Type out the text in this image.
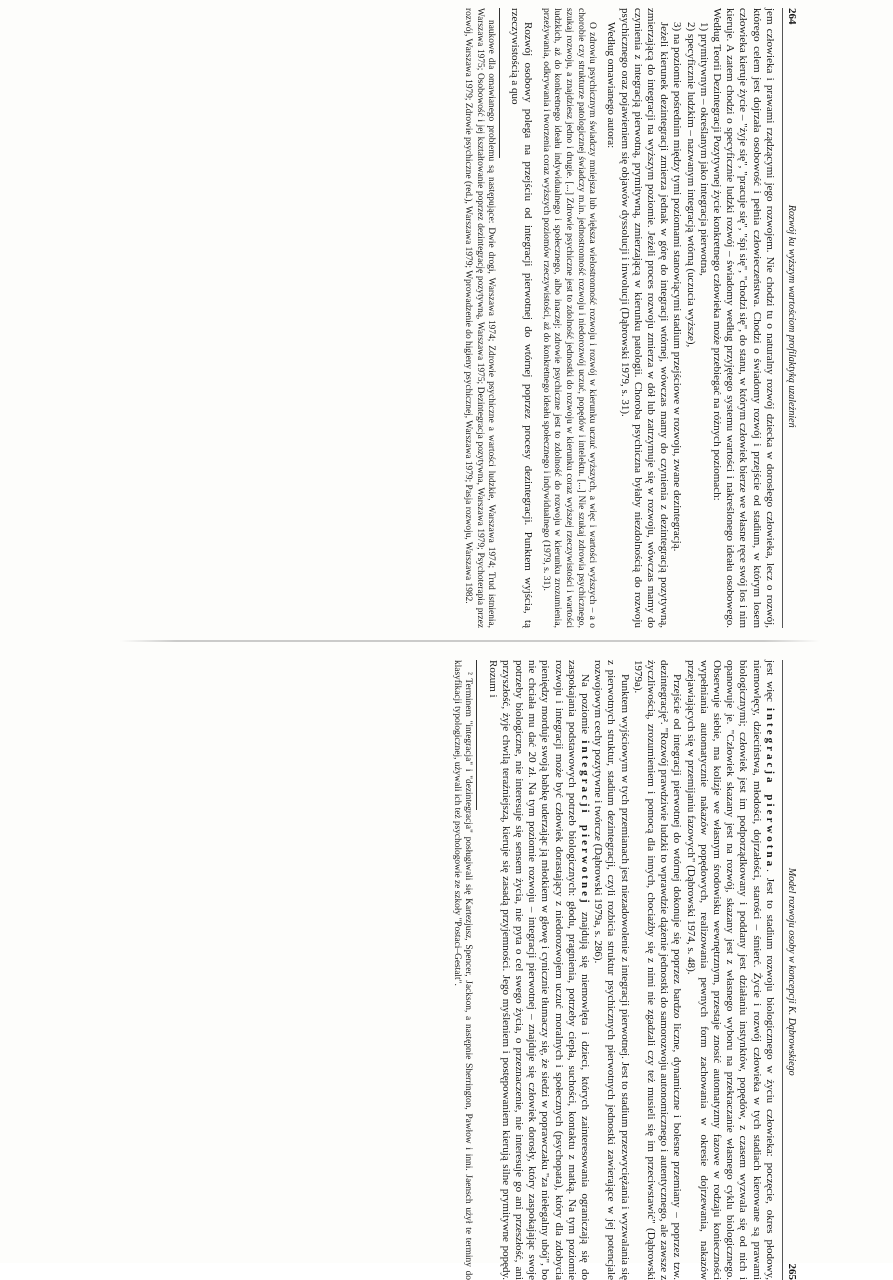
264
Rozwój ku wyższym wartościom profilaktyką uzależnień

jem człowieka i prawami rządzącymi jego rozwojem. Nie chodzi tu o naturalny rozwój dziecka w dorosłego człowieka, lecz o rozwój, którego celem jest dojrzała osobowość i pełnia człowieczeństwa. Chodzi o świadomy rozwój i przejście od stadium, w którym losem człowieka kieruje życie – "żyje się", "pracuje się", "śpi się", "chodzi się", do stanu, w którym człowiek bierze we własne ręce swój los i nim kieruje. A zatem chodzi o specyficznie ludzki rozwój – świadomy według przyjętego systemu wartości i nakreślonego ideału osobowego. Według Teorii Dezintegracji Pozytywnej życie konkretnego człowieka może przebiegać na różnych poziomach:

1) prymitywnym – określanym jako integracja pierwotna,

2) specyficznie ludzkim – nazwanym integracją wtórną (uczucia wyższe),

3) na poziomie pośrednim między tymi poziomami stanowiącymi stadium przejściowe w rozwoju, zwane dezintegracją.

Jeżeli kierunek dezintegracji zmierza jednak w górę do integracji wtórnej, wówczas mamy do czynienia z dezintegracją pozytywną, zmierzającą do integracji na wyższym poziomie. Jeżeli proces rozwoju zmierza w dół lub zatrzymuje się w rozwoju, wówczas mamy do czynienia z integracją pierwotną, prymitywną, zmierzającą w kierunku patologii. Choroba psychiczna byłaby niezdolnością do rozwoju psychicznego oraz pojawieniem się objawów dyssolucji i inwolucji (Dąbrowski 1979, s. 31).

Według omawianego autora:

O zdrowiu psychicznym świadczy mniejsza lub większa wielostronność rozwoju i rozwój w kierunku uczuć wyższych, a więc i wartości wyższych – a o chorobie czy strukturze patologicznej świadczy m.in. jednostronność rozwoju i niedorozwój uczuć, popędów i intelektu. [...] Nie szukaj zdrowia psychicznego, szukaj rozwoju, a znajdziesz jedno i drugie. [...] Zdrowie psychiczne jest to zdolność jednostki do rozwoju w kierunku coraz wyższej rzeczywistości i wartości ludzkich, aż do konkretnego ideału indywidualnego i społecznego, albo inaczej: zdrowie psychiczne jest to zdolność do rozwoju w kierunku zrozumienia, przeżywania, odkrywania i tworzenia coraz wyższych poziomów rzeczywistości, aż do konkretnego ideału społecznego i indywidualnego (1979, s. 31).

Rozwój osobowy polega na przejściu od integracji pierwotnej do wtórnej poprzez procesy dezintegracji. Punktem wyjścia, tą rzeczywistością a quo

naukowe dla omawianego problemu są następujące: Dwie drogi, Warszawa 1974; Zdrowie psychiczne a wartości ludzkie, Warszawa 1974; Trud istnienia, Warszawa 1975; Osobowość i jej kształtowanie poprzez dezintegrację pozytywną, Warszawa 1975; Dezintegracja pozytywna, Warszawa 1979; Psychoterapia przez rozwój, Warszawa 1979; Zdrowie psychiczne (red.), Warszawa 1979; Wprowadzenie do higieny psychicznej, Warszawa 1979; Pasja rozwoju, Warszawa 1982.

Model rozwoju osoby w koncepcji K. Dąbrowskiego
265

jest więc integracja pierwotna. Jest to stadium rozwoju biologicznego w życiu człowieka: poczęcie, okres płodowy, niemowlęcy, dzieciństwa, młodości, dojrzałości, starości – śmierć. Życie i rozwój człowieka w tych stadiach kierowane są prawami biologicznymi; człowiek jest im podporządkowany i poddany jest działaniu instynktów, popędów, z czasem wyzwala się od nich i opanowuje je. "Człowiek skazany jest na rozwój, skazany jest z własnego wyboru na przekraczanie własnego cyklu biologicznego. Obserwuje siebie, ma kolizje we własnym środowisku wewnętrznym, przestaje znosić automatyzmy fazowe w rodzaju konieczności wypełniania automatycznie nakazów popędowych, realizowania pewnych form zachowania w okresie dojrzewania, nakazów przejawiających się w przemijaniu fazowych" (Dąbrowski 1974, s. 48).

Przejście od integracji pierwotnej do wtórnej dokonuje się poprzez bardzo liczne, dynamiczne i bolesne przemiany – poprzez tzw. dezintegrację². "Rozwój prawdziwie ludzki to wprawdzie dążenie jednostki do samorozwoju autonomicznego i autentycznego, ale zawsze z życzliwością, zrozumieniem i pomocą dla innych, chociażby się z nimi nie zgadzali czy też musieli się im przeciwstawić" (Dąbrowski 1979a).

Punktem wyjściowym w tych przemianach jest niezadowolenie z integracji pierwotnej. Jest to stadium przezwyciężania i wyzwalania się z pierwotnych struktur, stadium dezintegracji, czyli rozbicia struktur psychicznych pierwotnych jednostki zawierające w jej potencjale rozwojowym cechy pozytywne i twórcze (Dąbrowski 1979a, s. 286).

Na poziomie integracji pierwotnej znajdują się niemowlęta i dzieci, których zainteresowania ograniczają się do zaspokajania podstawowych potrzeb biologicznych: głodu, pragnienia, potrzeby ciepła, suchości, kontaktu z matką. Na tym poziomie rozwoju i integracji może być człowiek dorastający z niedorozwojem uczuć moralnych i społecznych (psychopata), który dla zdobycia pieniędzy morduje swoją babkę uderzając ją młotkiem w głowę i cynicznie tłumaczy się, że siedzi w poprawczaku "za niełegalny ubój", bo nie chciała mu dać 20 zł. Na tym poziomie rozwoju – integracji pierwotnej – znajduje się człowiek dorosły, który zaspokajając swoje potrzeby biologiczne, nie interesuje się sensem życia, nie pyta o cel swego życia, o przeznaczenie, nie interesuje go ani przeszłość, ani przyszłość, żyje chwilą teraźniejszą, kieruje się zasadą przyjemności. Jego myśleniem i postępowaniem kierują silne prymitywne popędy. Rozum i

² Terminem "integracja" i "dezintegracja" posługiwali się Kartezjusz, Spencer, Jackson, a następnie Sherrington, Pawłow i inni. Jaensch użył te terminy do klasyfikacji typologicznej, używali ich też psychologowie ze szkoły "Postaci–Gestalt".
